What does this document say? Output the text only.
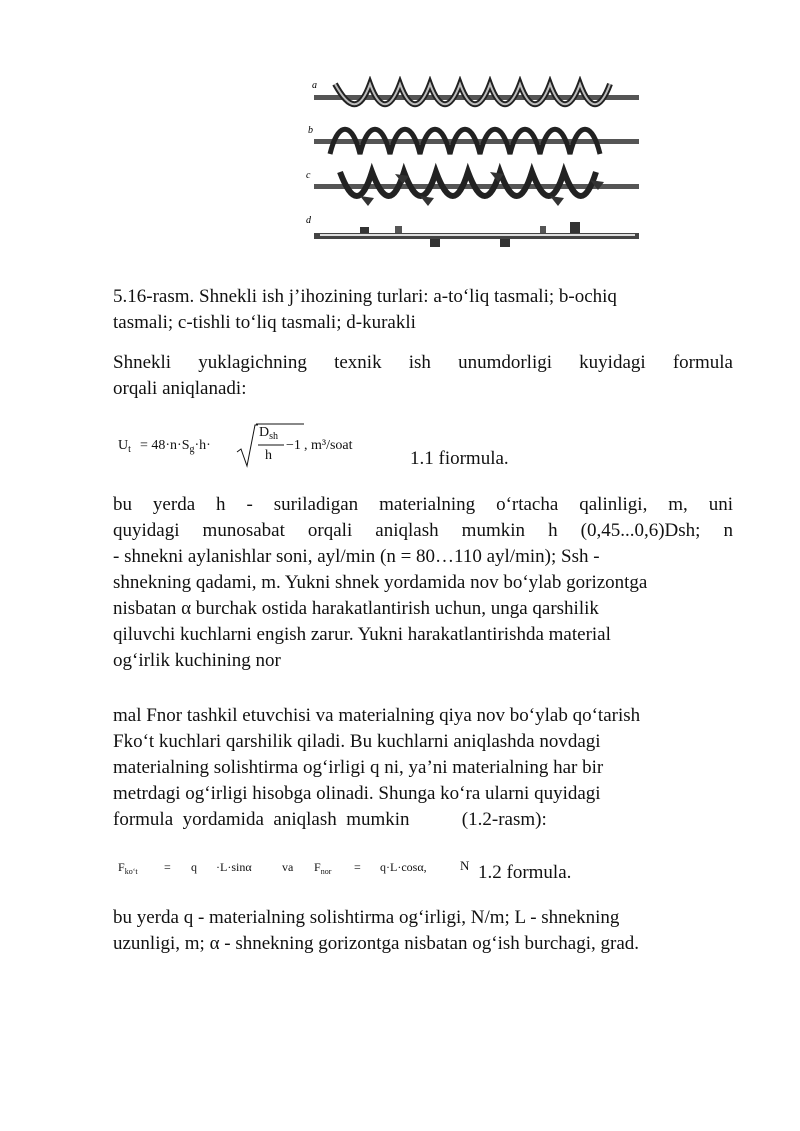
a
b
c
d
5.16-rasm. Shnekli ish j’ihozining turlari: a-to‘liq tasmali; b-ochiq
tasmali; c-tishli to‘liq tasmali; d-kurakli
Shnekli yuklagichning texnik ish unumdorligi kuyidagi formula
orqali aniqlanadi:
$U_t = 48\cdot n\cdot S_g\cdot h\cdot$
$D_{sh}$
h
−1 , m³/soat
1.1 fiormula.
bu yerda h - suriladigan materialning o‘rtacha qalinligi, m, uni
quyidagi munosabat orqali aniqlash mumkin h (0,45...0,6)Dsh; n
- shnekni aylanishlar soni, ayl/min (n = 80…110 ayl/min); Ssh -
shnekning qadami, m. Yukni shnek yordamida nov bo‘ylab gorizontga
nisbatan α burchak ostida harakatlantirish uchun, unga qarshilik
qiluvchi kuchlarni engish zarur. Yukni harakatlantirishda material
og‘irlik kuchining nor
mal Fnor tashkil etuvchisi va materialning qiya nov bo‘ylab qo‘tarish
Fko‘t kuchlari qarshilik qiladi. Bu kuchlarni aniqlashda novdagi
materialning solishtirma og‘irligi q ni, ya’ni materialning har bir
metrdagi og‘irligi hisobga olinadi. Shunga ko‘ra ularni quyidagi
formula  yordamida  aniqlash  mumkin           (1.2-rasm):
$F_{ko‘t} = q \cdot L\cdot\sin\alpha$	va $F_{nor} = q\cdot L\cdot\cos\alpha$,	N 1.2 formula.
bu yerda q - materialning solishtirma og‘irligi, N/m; L - shnekning
uzunligi, m; α - shnekning gorizontga nisbatan og‘ish burchagi, grad.
